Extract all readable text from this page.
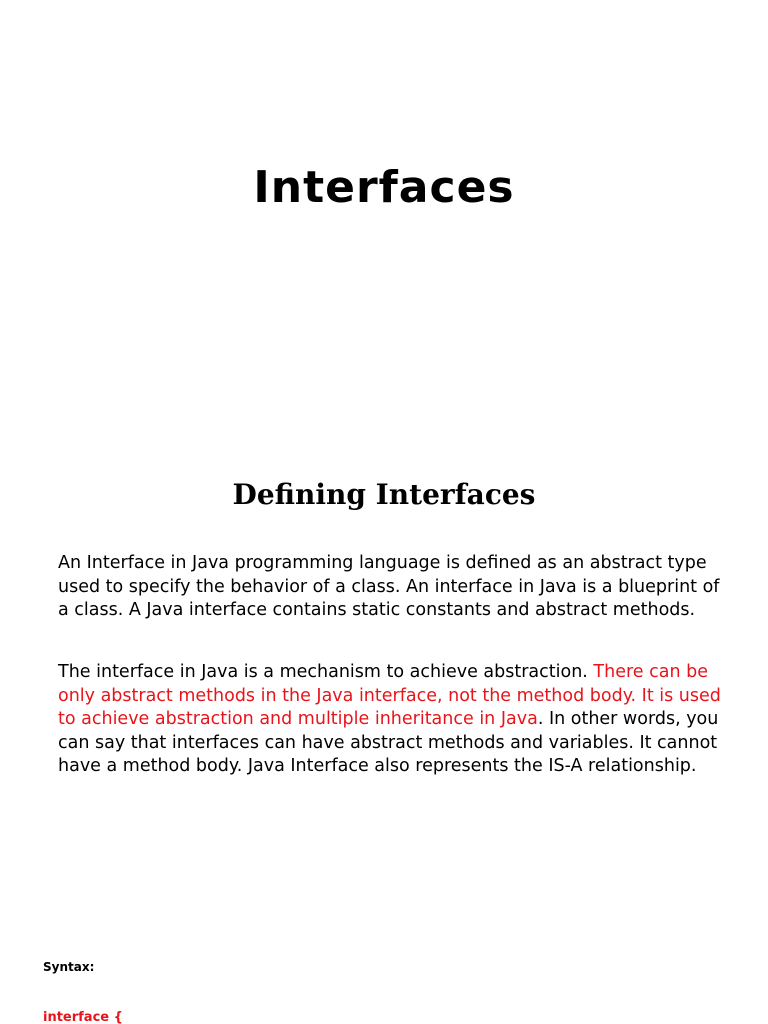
Interfaces
Defining Interfaces

An Interface in Java programming language is defined as an abstract type used to specify the behavior of a class. An interface in Java is a blueprint of a class. A Java interface contains static constants and abstract methods.

The interface in Java is a mechanism to achieve abstraction. There can be only abstract methods in the Java interface, not the method body. It is used to achieve abstraction and multiple inheritance in Java. In other words, you can say that interfaces can have abstract methods and variables. It cannot have a method body. Java Interface also represents the IS-A relationship.

Syntax:

interface {
